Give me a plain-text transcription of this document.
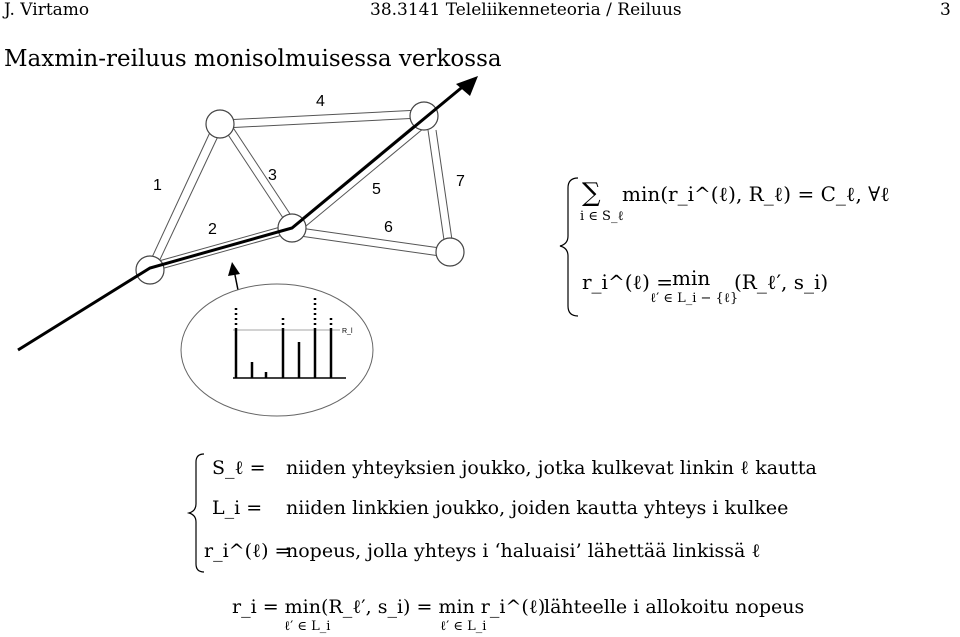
J. Virtamo	38.3141 Teleliikenneteoria / Reiluus	3
Maxmin-reiluus monisolmuisessa verkossa
1
2
3
4
5
6
7
R_l
∑
i ∈ S_ℓ
min(r_i^(ℓ), R_ℓ) = C_ℓ, ∀ℓ
r_i^(ℓ) =
min
ℓ′ ∈ L_i − {ℓ}
(R_ℓ′, s_i)
S_ℓ = niiden yhteyksien joukko, jotka kulkevat linkin ℓ kautta
L_i = niiden linkkien joukko, joiden kautta yhteys i kulkee
r_i^(ℓ) =
nopeus, jolla yhteys i ‘haluaisi’ lähettää linkissä ℓ
r_i = min(R_ℓ′, s_i) = min r_i^(ℓ)
ℓ′ ∈ L_i	ℓ′ ∈ L_i
lähteelle i allokoitu nopeus
